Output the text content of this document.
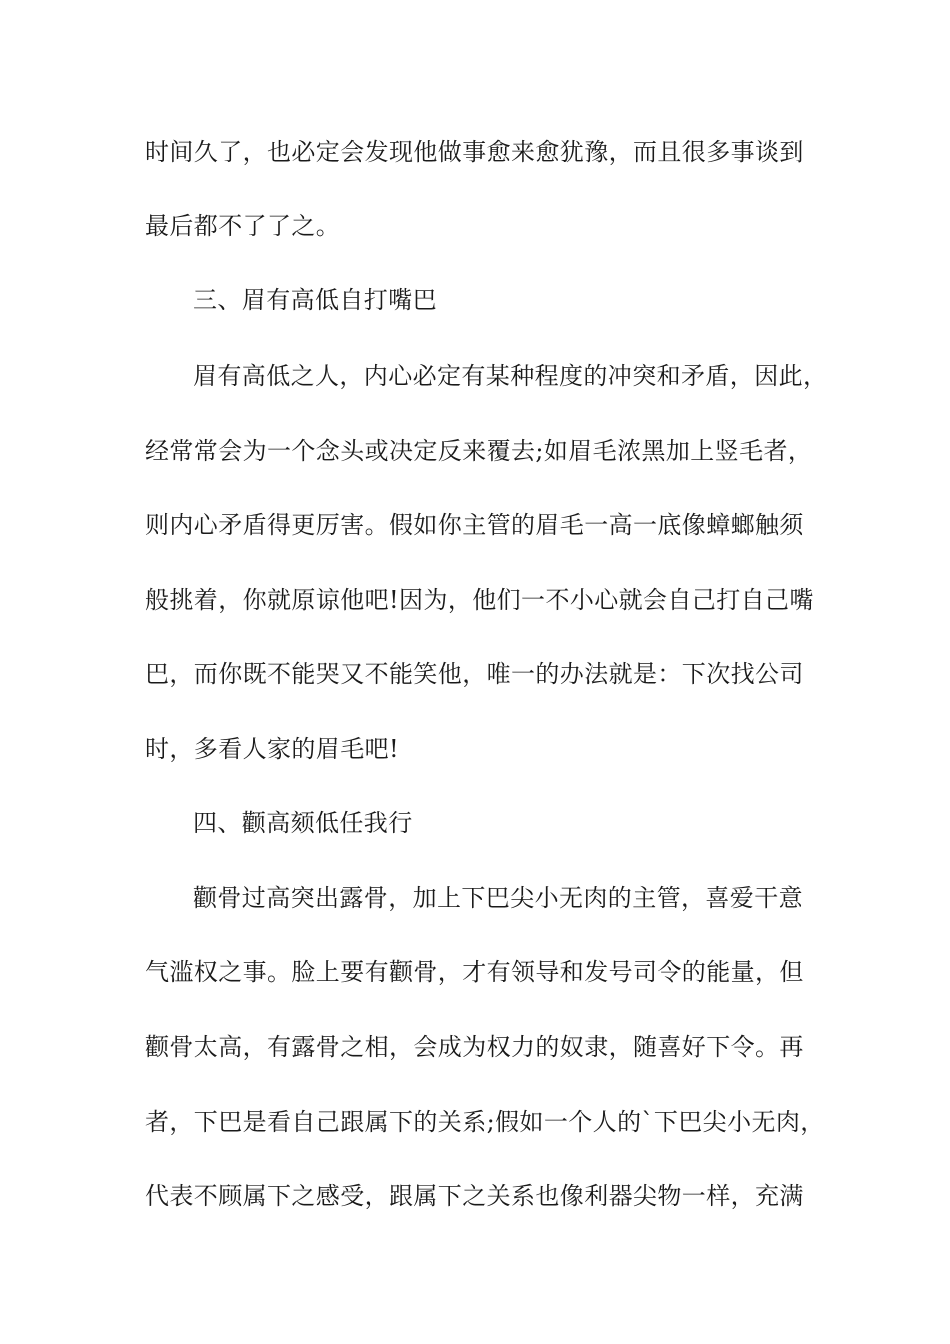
时间久了，也必定会发现他做事愈来愈犹豫，而且很多事谈到
最后都不了了之。
三、眉有高低自打嘴巴
眉有高低之人，内心必定有某种程度的冲突和矛盾，因此，
经常常会为一个念头或决定反来覆去;如眉毛浓黑加上竖毛者，
则内心矛盾得更厉害。假如你主管的眉毛一高一底像蟑螂触须
般挑着，你就原谅他吧!因为，他们一不小心就会自己打自己嘴
巴，而你既不能哭又不能笑他，唯一的办法就是：下次找公司
时，多看人家的眉毛吧!
四、颧高颏低任我行
颧骨过高突出露骨，加上下巴尖小无肉的主管，喜爱干意
气滥权之事。脸上要有颧骨，才有领导和发号司令的能量，但
颧骨太高，有露骨之相，会成为权力的奴隶，随喜好下令。再
者，下巴是看自己跟属下的关系;假如一个人的`下巴尖小无肉，
代表不顾属下之感受，跟属下之关系也像利器尖物一样，充满
